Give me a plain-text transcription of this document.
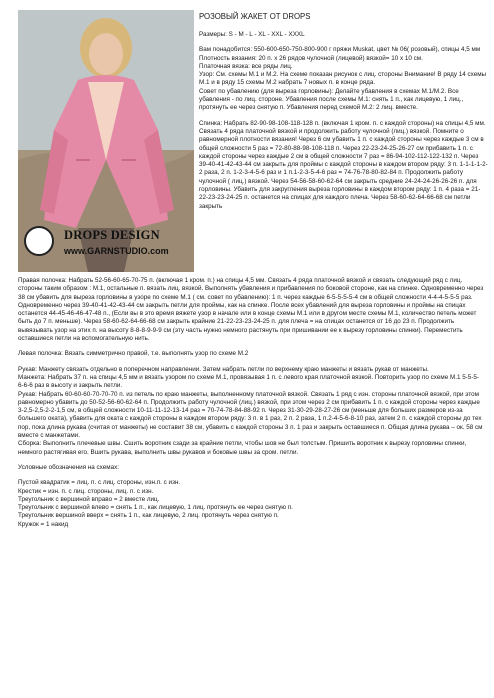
DROPS DESIGN
www.GARNSTUDIO.com

РОЗОВЫЙ ЖАКЕТ ОТ DROPS

Размеры: S - M - L - XL - XXL - XXXL

Вам понадобится: 550-600-650-750-800-900 г пряжи Muskat, цвет № 06( розовый), спицы 4,5 мм
Плотность вязания: 20 п. х 26 рядов чулочной (лицевой) вязкой= 10 х 10 см.
Платочная вязка: все ряды лиц.
Узор: См. схемы М.1 и М.2. На схеме показан рисунок с лиц. стороны Внимание! В ряду 14 схемы М.1 и в ряду 15 схемы М.2 набрать 7 новых п. в конце ряда.
Совет по убавлению (для выреза горловины): Делайте убавления в схемах М.1/М.2. Все убавления - по лиц. стороне. Убавления после схемы М.1: снять 1 п., как лицевую, 1 лиц., протянуть ее через снятую п. Убавления перед схемой М.2: 2 лиц. вместе.

Спинка: Набрать 82-90-98-108-118-128 п. (включая 1 кром. п. с каждой стороны) на спицы 4,5 мм. Связать 4 ряда платочной вязкой и продолжить работу чулочной (лиц.) вязкой. Помните о равномерной плотности вязания! Через 6 см убавить 1 п. с каждой стороны через каждые 3 см в общей сложности 5 раз = 72-80-88-98-108-118 п. Через 22-23-24-25-26-27 см прибавить 1 п. с каждой стороны через каждые 2 см в общей сложности 7 раз = 86-94-102-112-122-132 п. Через 39-40-41-42-43-44 см закрыть для проймы с каждой стороны в каждом втором ряду: 3 п. 1-1-1-1-2-2 раза, 2 п. 1-2-3-4-5-6 раз и 1 п.1-2-3-5-4-6 раз = 74-76-78-80-82-84 п. Продолжить работу чулочной ( лиц.) вязкой. Через 54-56-58-60-62-64 см закрыть средние 24-24-24-26-26-26 п. для горловины. Убавить для закругления выреза горловины в каждом втором ряду: 1 п. 4 раза = 21-22-23-23-24-25 п. останется на спицах для каждого плеча. Через 58-60-62-64-66-68 см петли закрыть

Правая полочка: Набрать 52-56-60-65-70-75 п. (включая 1 кром. п.) на спицы 4,5 мм. Связать 4 ряда платочной вязкой и связать следующий ряд с лиц. стороны таким образом : М.1, остальные п. вязать лиц. вязкой. Выполнять убавления и прибавления по боковой стороне, как на спинке. Одновременно через 38 см убавить для выреза горловины в узоре по схеме М.1 ( см. совет по убавлению): 1 п. через каждые 6-5-5-5-5-4 см в общей сложности 4-4-4-5-5-5 раз. Одновременно через 39-40-41-42-43-44 см закрыть петли для проймы, как на спинке. После всех убавлений для выреза горловины и проймы на спицах останется 44-45-46-46-47-48 п., (Если вы в это время вяжете узор в начале или в конце схемы М.1 или в другом месте схемы М.1, количество петель может быть до 7 п. меньше). Через 58-60-62-64-66-68 см закрыть крайние 21-22-23-23-24-25 п. для плеча = на спицах останется от 16 до 23 п. Продолжить вывязывать узор на этих п. на высоту 8-8-8-9-9-9 см (эту часть нужно немного растянуть при пришивании ее к вырезу горловины спинки). Переместить оставшиеся петли на вспомогательную нить.

Левая полочка: Вязать симметрично правой, т.е. выполнять узор по схеме М.2

Рукав: Манжету связать отдельно в поперечном направлении. Затем набрать петли по верхнему краю манжеты и вязать рукав от манжеты.

Манжета: Набрать 37 п. на спицы 4,5 мм и вязать узором по схеме М.1, провязывая 1 п. с левого края платочной вязкой. Повторить узор по схеме М.1 5-5-5-6-6-6 раз в высоту и закрыть петли.
Рукав: Набрать 60-60-60-70-70-70 п. из петель по краю манжеты, выполненному платочной вязкой. Связать 1 ряд с изн. стороны платочной вязкой, при этом равномерно убавить до 50-52-56-60-62-64 п. Продолжить работу чулочной (лиц.) вязкой, при этом через 2 см прибавить 1 п. с каждой стороны через каждые 3-2,5-2,5-2-2-1,5 см, в общей сложности 10-11-11-12-13-14 раз = 70-74-78-84-88-92 п. Через 31-30-29-28-27-26 см (меньше для больших размеров из-за большего оката), убавить для оката с каждой стороны в каждом втором ряду: 3 п. в 1 раз, 2 п. 2 раза, 1 п.2-4-5-6-8-10 раз, затем 2 п. с каждой стороны до тех пор, пока длина рукава (считая от манжеты) не составит 38 см, убавить с каждой стороны 3 п. 1 раз и закрыть оставшиеся п. Общая длина рукава – ок. 58 см вместе с манжетами.

Сборка: Выполнить плечевые швы. Сшить воротник сзади за крайние петли, чтобы шов не был толстым. Пришить воротник к вырезу горловины спинки, немного растягивая его. Вшить рукава, выполнить швы рукавов и боковые швы за сром. петли.

Условные обозначения на схемах:

Пустой квадратик = лиц. п. с лиц. стороны, изн.п. с изн.
Крестик = изн. п. с лиц. стороны, лиц. п. с изн.
Треугольник с вершиной вправо = 2 вместе лиц.
Треугольник с вершиной влево = снять 1 п., как лицевую, 1 лиц. протянуть ее через снятую п.
Треугольник вершиной вверх = снять 1 п., как лицевую, 2 лиц. протянуть через снятую п.
Кружок = 1 накид
